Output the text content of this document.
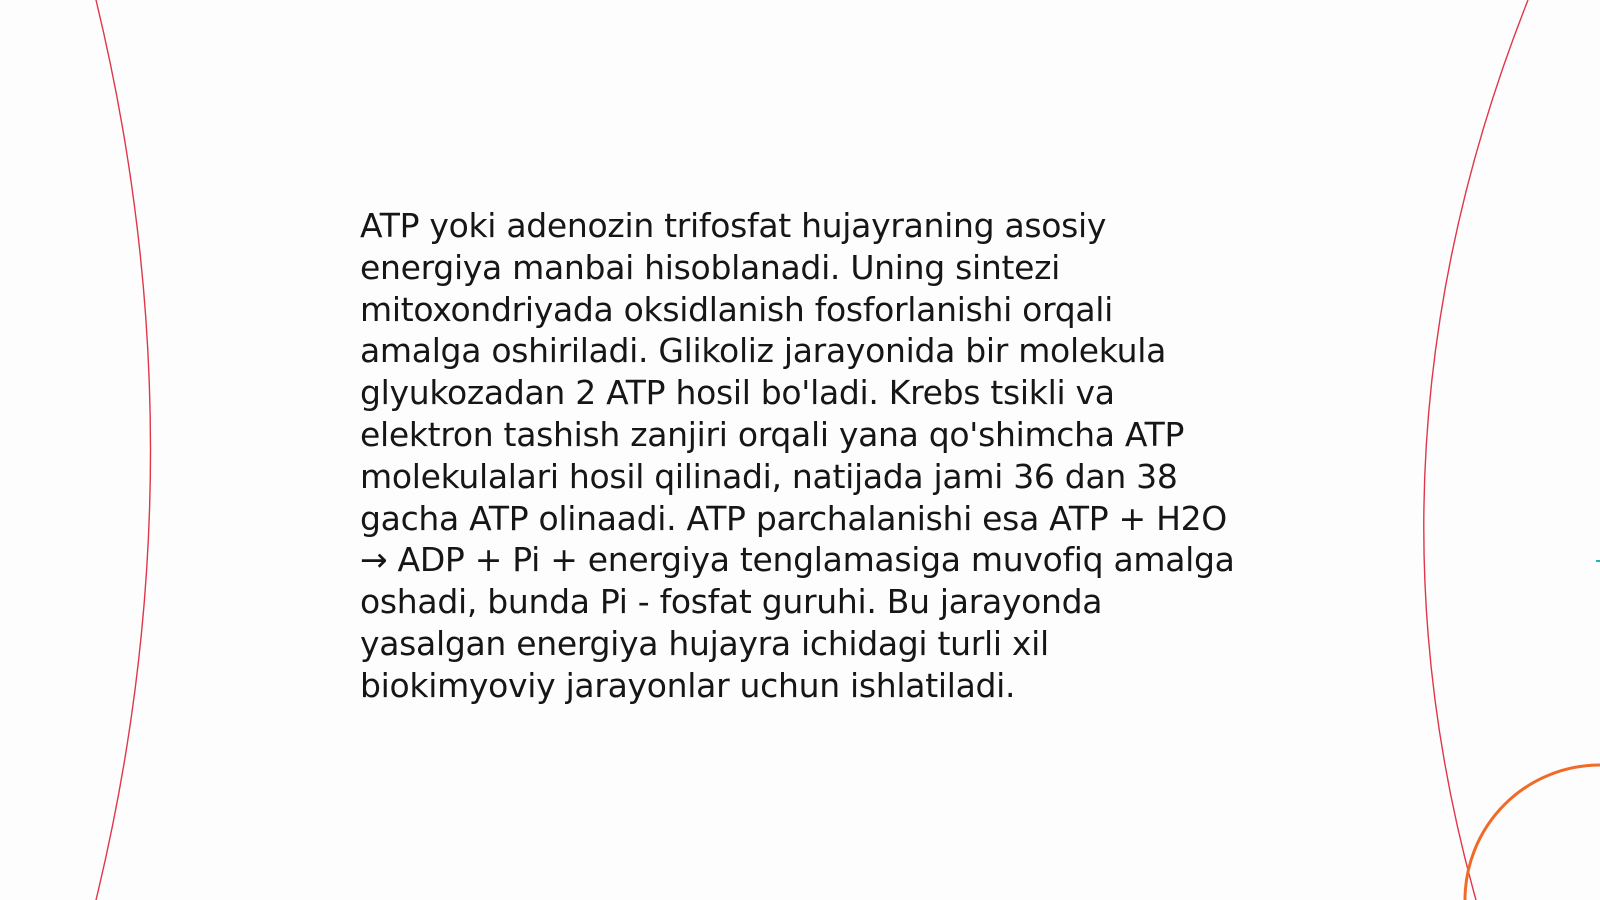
ATP yoki adenozin trifosfat hujayraning asosiy energiya manbai hisoblanadi. Uning sintezi mitoxondriyada oksidlanish fosforlanishi orqali amalga oshiriladi. Glikoliz jarayonida bir molekula glyukozadan 2 ATP hosil bo'ladi. Krebs tsikli va elektron tashish zanjiri orqali yana qo'shimcha ATP molekulalari hosil qilinadi, natijada jami 36 dan 38 gacha ATP olinaadi. ATP parchalanishi esa ATP + H2O → ADP + Pi + energiya tenglamasiga muvofiq amalga oshadi, bunda Pi - fosfat guruhi. Bu jarayonda yasalgan energiya hujayra ichidagi turli xil biokimyoviy jarayonlar uchun ishlatiladi.
